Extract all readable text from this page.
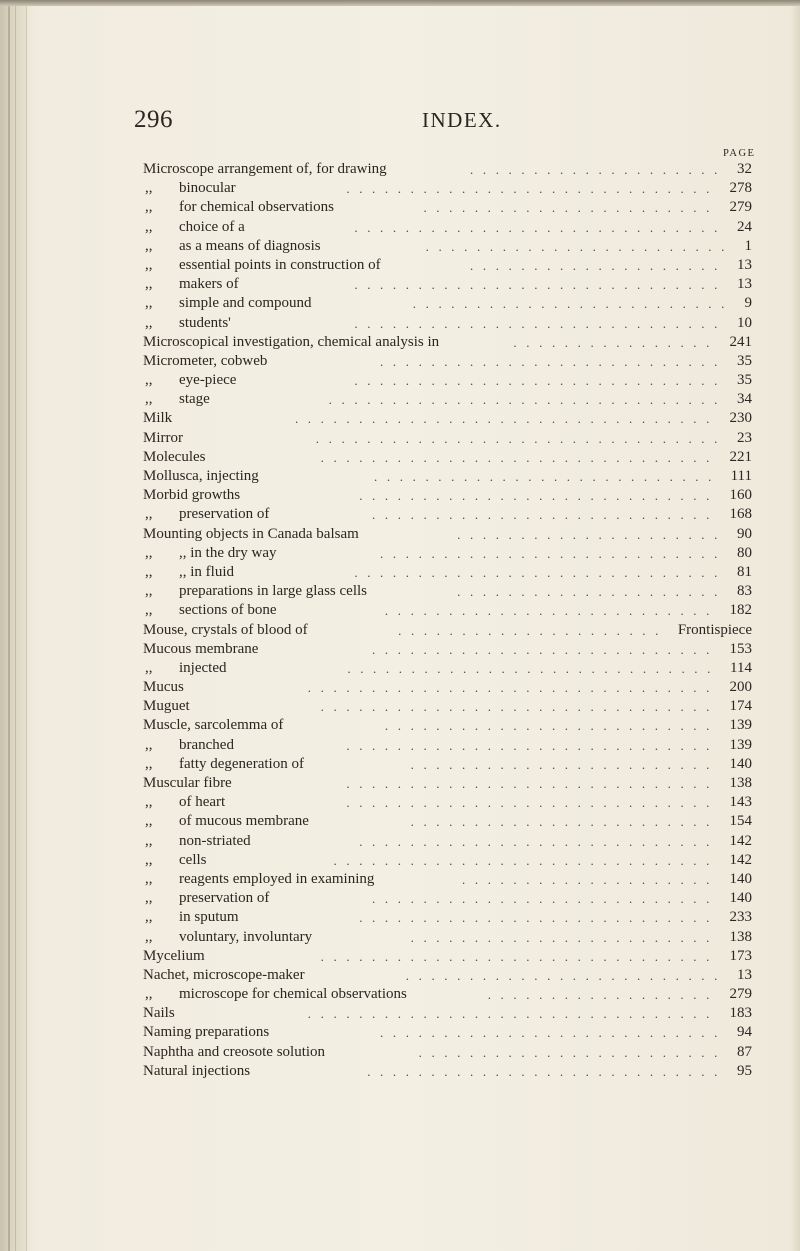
296	INDEX.
PAGE
Microscope arrangement of, for drawing	.................... 32
,, binocular	............................. 278
,, for chemical observations	....................... 279
,, choice of a	............................. 24
,, as a means of diagnosis	........................ 1
,, essential points in construction of	.................... 13
,, makers of	............................. 13
,, simple and compound	......................... 9
,, students'	............................. 10
Microscopical investigation, chemical analysis in	................ 241
Micrometer, cobweb	........................... 35
,, eye-piece	............................. 35
,, stage	............................... 34
Milk	................................. 230
Mirror	................................ 23
Molecules	............................... 221
Mollusca, injecting	........................... 111
Morbid growths	............................ 160
,, preservation of	........................... 168
Mounting objects in Canada balsam	..................... 90
,, ,, in the dry way	........................... 80
,, ,, in fluid	............................. 81
,, preparations in large glass cells	..................... 83
,, sections of bone	.......................... 182
Mouse, crystals of blood of	..................... Frontispiece
Mucous membrane	........................... 153
,, injected	............................. 114
Mucus	................................ 200
Muguet	............................... 174
Muscle, sarcolemma of	.......................... 139
,, branched	............................. 139
,, fatty degeneration of	........................ 140
Muscular fibre	............................. 138
,, of heart	............................. 143
,, of mucous membrane	........................ 154
,, non-striated	............................ 142
,, cells	.............................. 142
,, reagents employed in examining	.................... 140
,, preservation of	........................... 140
,, in sputum	............................ 233
,, voluntary, involuntary	........................ 138
Mycelium	............................... 173
Nachet, microscope-maker	......................... 13
,, microscope for chemical observations	.................. 279
Nails	................................ 183
Naming preparations	........................... 94
Naphtha and creosote solution	........................ 87
Natural injections	............................ 95
